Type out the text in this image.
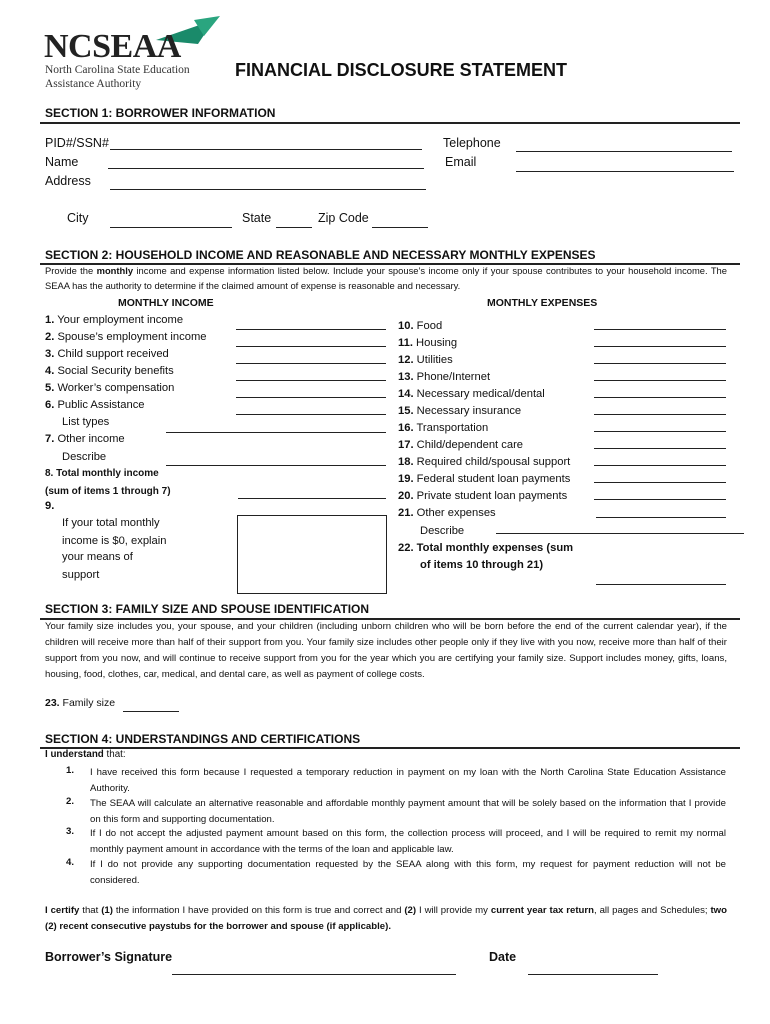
NCSEAA
North Carolina State Education
Assistance Authority
FINANCIAL DISCLOSURE STATEMENT
SECTION 1: BORROWER INFORMATION
PID#/SSN#
Name
Address
City	State	Zip Code
Telephone
Email
SECTION 2: HOUSEHOLD INCOME AND REASONABLE AND NECESSARY MONTHLY EXPENSES
Provide the monthly income and expense information listed below. Include your spouse’s income only if your spouse contributes to your household income. The SEAA has the authority to determine if the claimed amount of expense is reasonable and necessary.
MONTHLY INCOME	MONTHLY EXPENSES
1. Your employment income
2. Spouse’s employment income
3. Child support received
4. Social Security benefits
5. Worker’s compensation
6. Public Assistance
10. Food
11. Housing
12. Utilities
13. Phone/Internet
14. Necessary medical/dental
15. Necessary insurance
16. Transportation
17. Child/dependent care
18. Required child/spousal support
19. Federal student loan payments
20. Private student loan payments
List types
7. Other income
Describe
8. Total monthly income
(sum of items 1 through 7)
9.
If your total monthly
income is $0, explain
your means of
support
21. Other expenses
Describe
22. Total monthly expenses (sum
of items 10 through 21)
SECTION 3: FAMILY SIZE AND SPOUSE IDENTIFICATION
Your family size includes you, your spouse, and your children (including unborn children who will be born before the end of the current calendar year), if the children will receive more than half of their support from you. Your family size includes other people only if they live with you now, receive more than half of their support from you now, and will continue to receive support from you for the year which you are certifying your family size. Support includes money, gifts, loans, housing, food, clothes, car, medical, and dental care, as well as payment of college costs.
23. Family size
SECTION 4: UNDERSTANDINGS AND CERTIFICATIONS
I understand that:
1. I have received this form because I requested a temporary reduction in payment on my loan with the North Carolina State Education Assistance Authority.
2. The SEAA will calculate an alternative reasonable and affordable monthly payment amount that will be solely based on the information that I provide on this form and supporting documentation.
3. If I do not accept the adjusted payment amount based on this form, the collection process will proceed, and I will be required to remit my normal monthly payment amount in accordance with the terms of the loan and applicable law.
4. If I do not provide any supporting documentation requested by the SEAA along with this form, my request for payment reduction will not be considered.
I certify that (1) the information I have provided on this form is true and correct and (2) I will provide my current year tax return, all pages and Schedules; two (2) recent consecutive paystubs for the borrower and spouse (if applicable).
Borrower’s Signature	Date
